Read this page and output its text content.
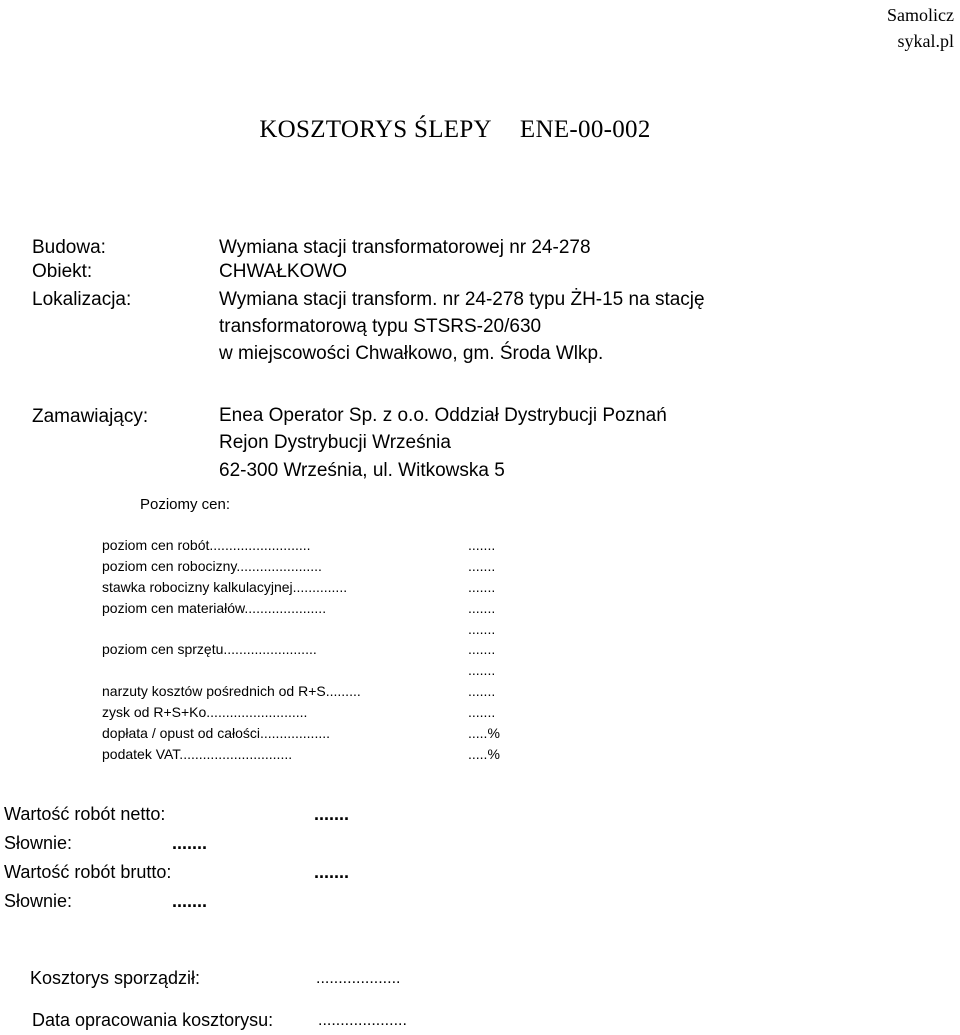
Samolicz
sykal.pl
KOSZTORYS ŚLEPY ENE-00-002
Budowa:	Wymiana stacji transformatorowej nr 24-278
Obiekt:	CHWAŁKOWO
Lokalizacja:	Wymiana stacji transform. nr 24-278 typu ŻH-15 na stację
transformatorową typu STSRS-20/630
w miejscowości Chwałkowo, gm. Środa Wlkp.
Zamawiający:	Enea Operator Sp. z o.o. Oddział Dystrybucji Poznań
Rejon Dystrybucji Września
62-300 Września, ul. Witkowska 5
Poziomy cen:
poziom cen robót..........................	.......
poziom cen robocizny......................	.......
stawka robocizny kalkulacyjnej..............	.......
poziom cen materiałów.....................	.......
.......
poziom cen sprzętu........................	.......
.......
narzuty kosztów pośrednich od R+S.........	.......
zysk od R+S+Ko..........................	.......
dopłata / opust od całości..................	.....%
podatek VAT.............................	.....%
Wartość robót netto:	.......
Słownie:	.......
Wartość robót brutto:	.......
Słownie:	.......
Kosztorys sporządził:	...................
Data opracowania kosztorysu:	....................
